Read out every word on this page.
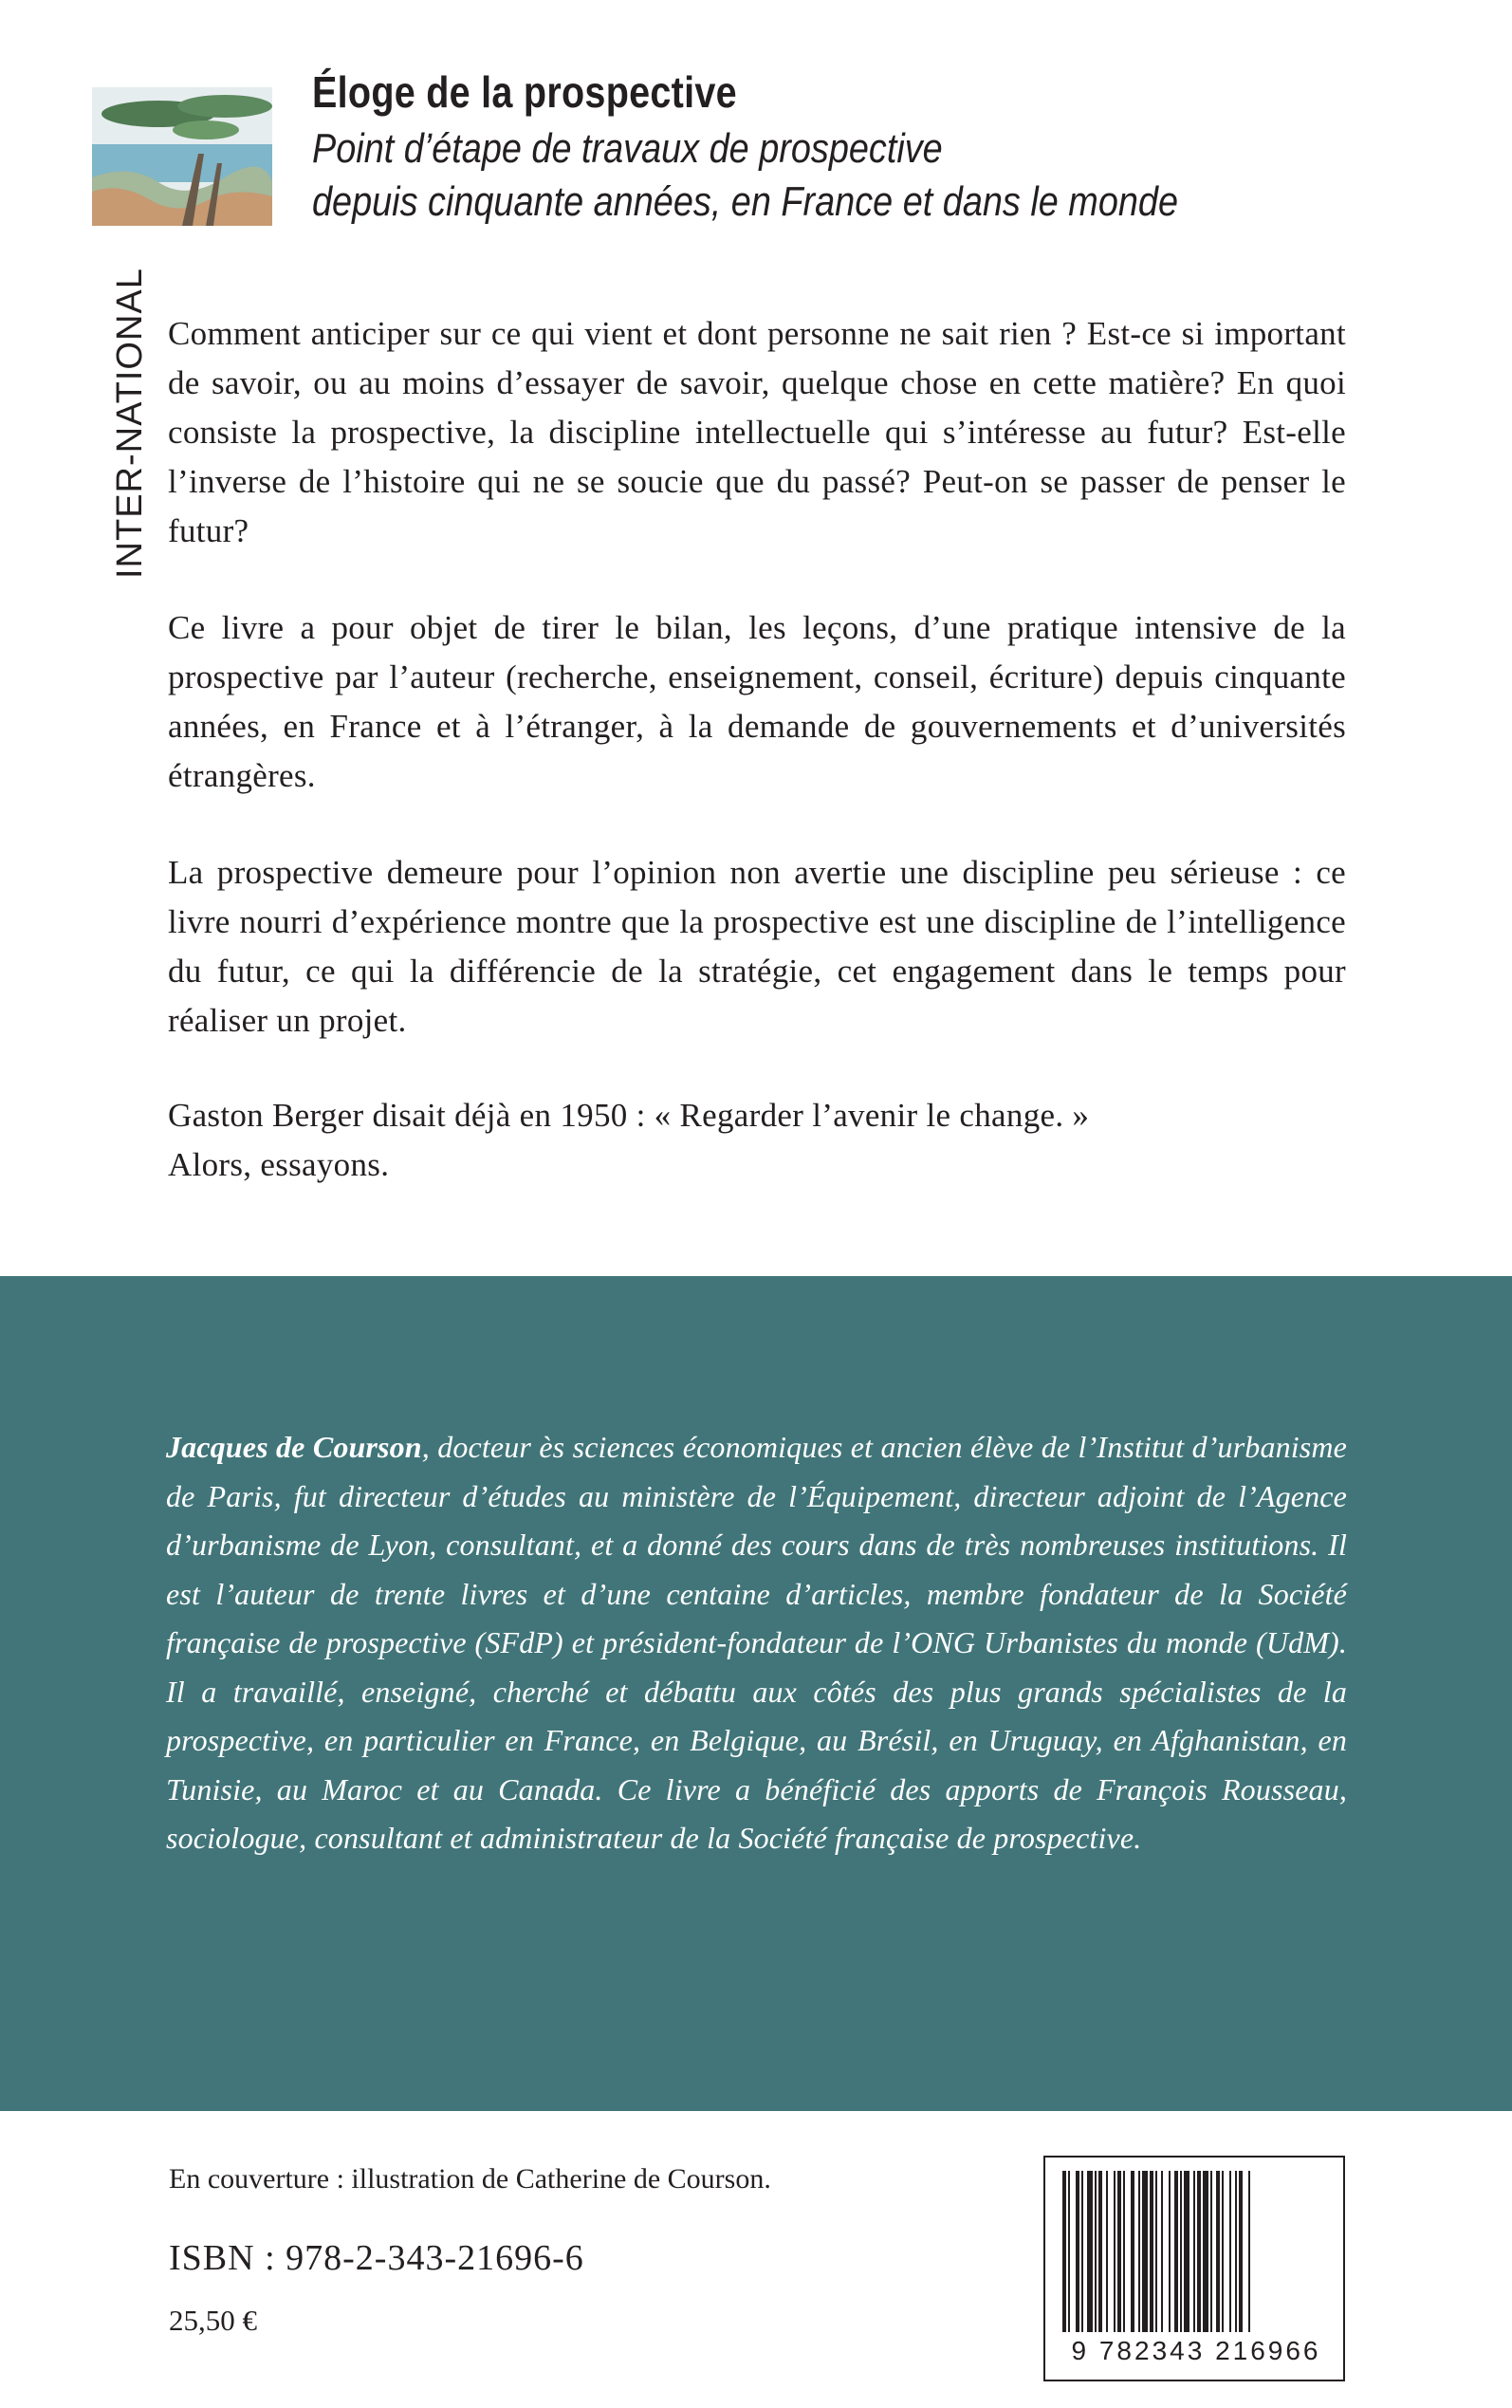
INTER-NATIONAL
Éloge de la prospective
Point d’étape de travaux de prospective
depuis cinquante années, en France et dans le monde
Comment anticiper sur ce qui vient et dont personne ne sait rien ? Est-ce si important de savoir, ou au moins d’essayer de savoir, quelque chose en cette matière? En quoi consiste la prospective, la discipline intellectuelle qui s’intéresse au futur? Est-elle l’inverse de l’histoire qui ne se soucie que du passé? Peut-on se passer de penser le futur?
Ce livre a pour objet de tirer le bilan, les leçons, d’une pratique intensive de la prospective par l’auteur (recherche, enseignement, conseil, écriture) depuis cinquante années, en France et à l’étranger, à la demande de gouvernements et d’universités étrangères.
La prospective demeure pour l’opinion non avertie une discipline peu sérieuse : ce livre nourri d’expérience montre que la prospective est une discipline de l’intelligence du futur, ce qui la différencie de la stratégie, cet engagement dans le temps pour réaliser un projet.
Gaston Berger disait déjà en 1950 : « Regarder l’avenir le change. »
Alors, essayons.
Jacques de Courson, docteur ès sciences économiques et ancien élève de l’Institut d’urbanisme de Paris, fut directeur d’études au ministère de l’Équipement, directeur adjoint de l’Agence d’urbanisme de Lyon, consultant, et a donné des cours dans de très nombreuses institutions. Il est l’auteur de trente livres et d’une centaine d’articles, membre fondateur de la Société française de prospective (SFdP) et président-fondateur de l’ONG Urbanistes du monde (UdM). Il a travaillé, enseigné, cherché et débattu aux côtés des plus grands spécialistes de la prospective, en particulier en France, en Belgique, au Brésil, en Uruguay, en Afghanistan, en Tunisie, au Maroc et au Canada. Ce livre a bénéficié des apports de François Rousseau, sociologue, consultant et administrateur de la Société française de prospective.
En couverture : illustration de Catherine de Courson.
ISBN : 978-2-343-21696-6
25,50 €
9 782343 216966
